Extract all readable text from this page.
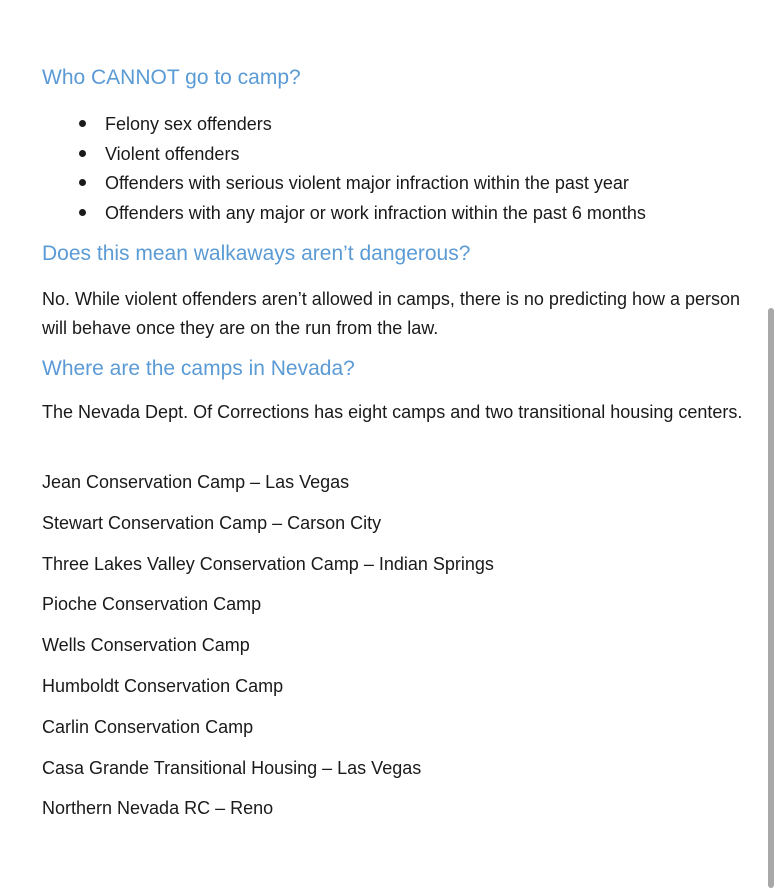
Who CANNOT go to camp?
Felony sex offenders
Violent offenders
Offenders with serious violent major infraction within the past year
Offenders with any major or work infraction within the past 6 months
Does this mean walkaways aren’t dangerous?

No. While violent offenders aren’t allowed in camps, there is no predicting how a person will behave once they are on the run from the law.

Where are the camps in Nevada?

The Nevada Dept. Of Corrections has eight camps and two transitional housing centers.

Jean Conservation Camp – Las Vegas
Stewart Conservation Camp – Carson City
Three Lakes Valley Conservation Camp – Indian Springs
Pioche Conservation Camp
Wells Conservation Camp
Humboldt Conservation Camp
Carlin Conservation Camp
Casa Grande Transitional Housing – Las Vegas
Northern Nevada RC – Reno
